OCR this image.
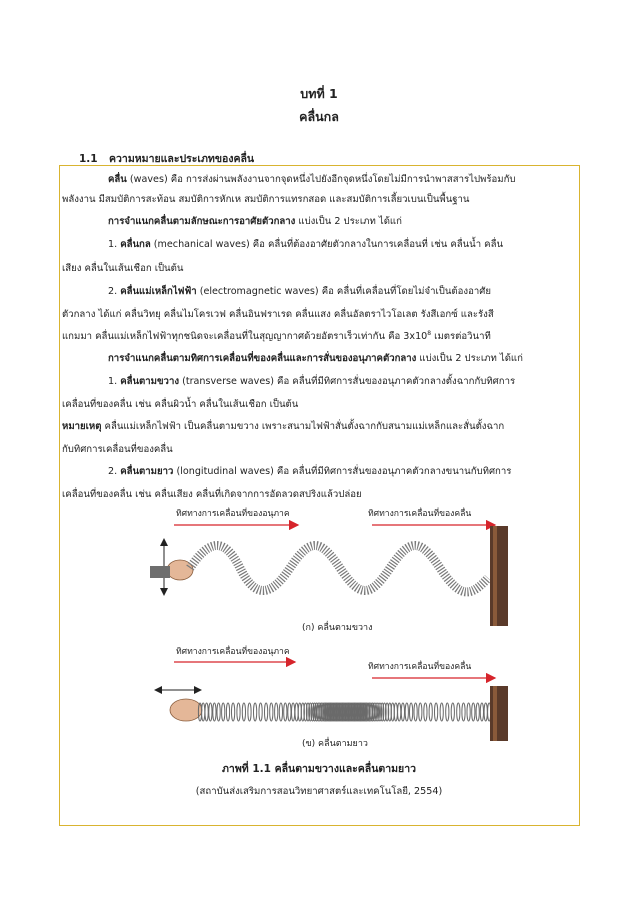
บทที่ 1
คลื่นกล
1.1 ความหมายและประเภทของคลื่น
คลื่น (waves) คือ การส่งผ่านพลังงานจากจุดหนึ่งไปยังอีกจุดหนึ่งโดยไม่มีการนำพาสสารไปพร้อมกับ
พลังงาน มีสมบัติการสะท้อน สมบัติการหักเห สมบัติการแทรกสอด และสมบัติการเลี้ยวเบนเป็นพื้นฐาน
การจำแนกคลื่นตามลักษณะการอาศัยตัวกลาง แบ่งเป็น 2 ประเภท ได้แก่
1. คลื่นกล (mechanical waves) คือ คลื่นที่ต้องอาศัยตัวกลางในการเคลื่อนที่ เช่น คลื่นน้ำ คลื่น
เสียง คลื่นในเส้นเชือก เป็นต้น
2. คลื่นแม่เหล็กไฟฟ้า (electromagnetic waves) คือ คลื่นที่เคลื่อนที่โดยไม่จำเป็นต้องอาศัย
ตัวกลาง ได้แก่ คลื่นวิทยุ คลื่นไมโครเวฟ คลื่นอินฟราเรด คลื่นแสง คลื่นอัลตราไวโอเลต รังสีเอกซ์ และรังสี
แกมมา คลื่นแม่เหล็กไฟฟ้าทุกชนิดจะเคลื่อนที่ในสุญญากาศด้วยอัตราเร็วเท่ากัน คือ $3x10^8$ เมตรต่อวินาที
การจำแนกคลื่นตามทิศการเคลื่อนที่ของคลื่นและการสั่นของอนุภาคตัวกลาง แบ่งเป็น 2 ประเภท ได้แก่
1. คลื่นตามขวาง (transverse waves) คือ คลื่นที่มีทิศการสั่นของอนุภาคตัวกลางตั้งฉากกับทิศการ
เคลื่อนที่ของคลื่น เช่น คลื่นผิวน้ำ คลื่นในเส้นเชือก เป็นต้น
หมายเหตุ คลื่นแม่เหล็กไฟฟ้า เป็นคลื่นตามขวาง เพราะสนามไฟฟ้าสั่นตั้งฉากกับสนามแม่เหล็กและสั่นตั้งฉาก
กับทิศการเคลื่อนที่ของคลื่น
2. คลื่นตามยาว (longitudinal waves) คือ คลื่นที่มีทิศการสั่นของอนุภาคตัวกลางขนานกับทิศการ
เคลื่อนที่ของคลื่น เช่น คลื่นเสียง คลื่นที่เกิดจากการอัดลวดสปริงแล้วปล่อย
ทิศทางการเคลื่อนที่ของอนุภาค	ทิศทางการเคลื่อนที่ของคลื่น
(ก) คลื่นตามขวาง
ทิศทางการเคลื่อนที่ของอนุภาค
ทิศทางการเคลื่อนที่ของคลื่น
(ข) คลื่นตามยาว
ภาพที่ 1.1 คลื่นตามขวางและคลื่นตามยาว
(สถาบันส่งเสริมการสอนวิทยาศาสตร์และเทคโนโลยี, 2554)
